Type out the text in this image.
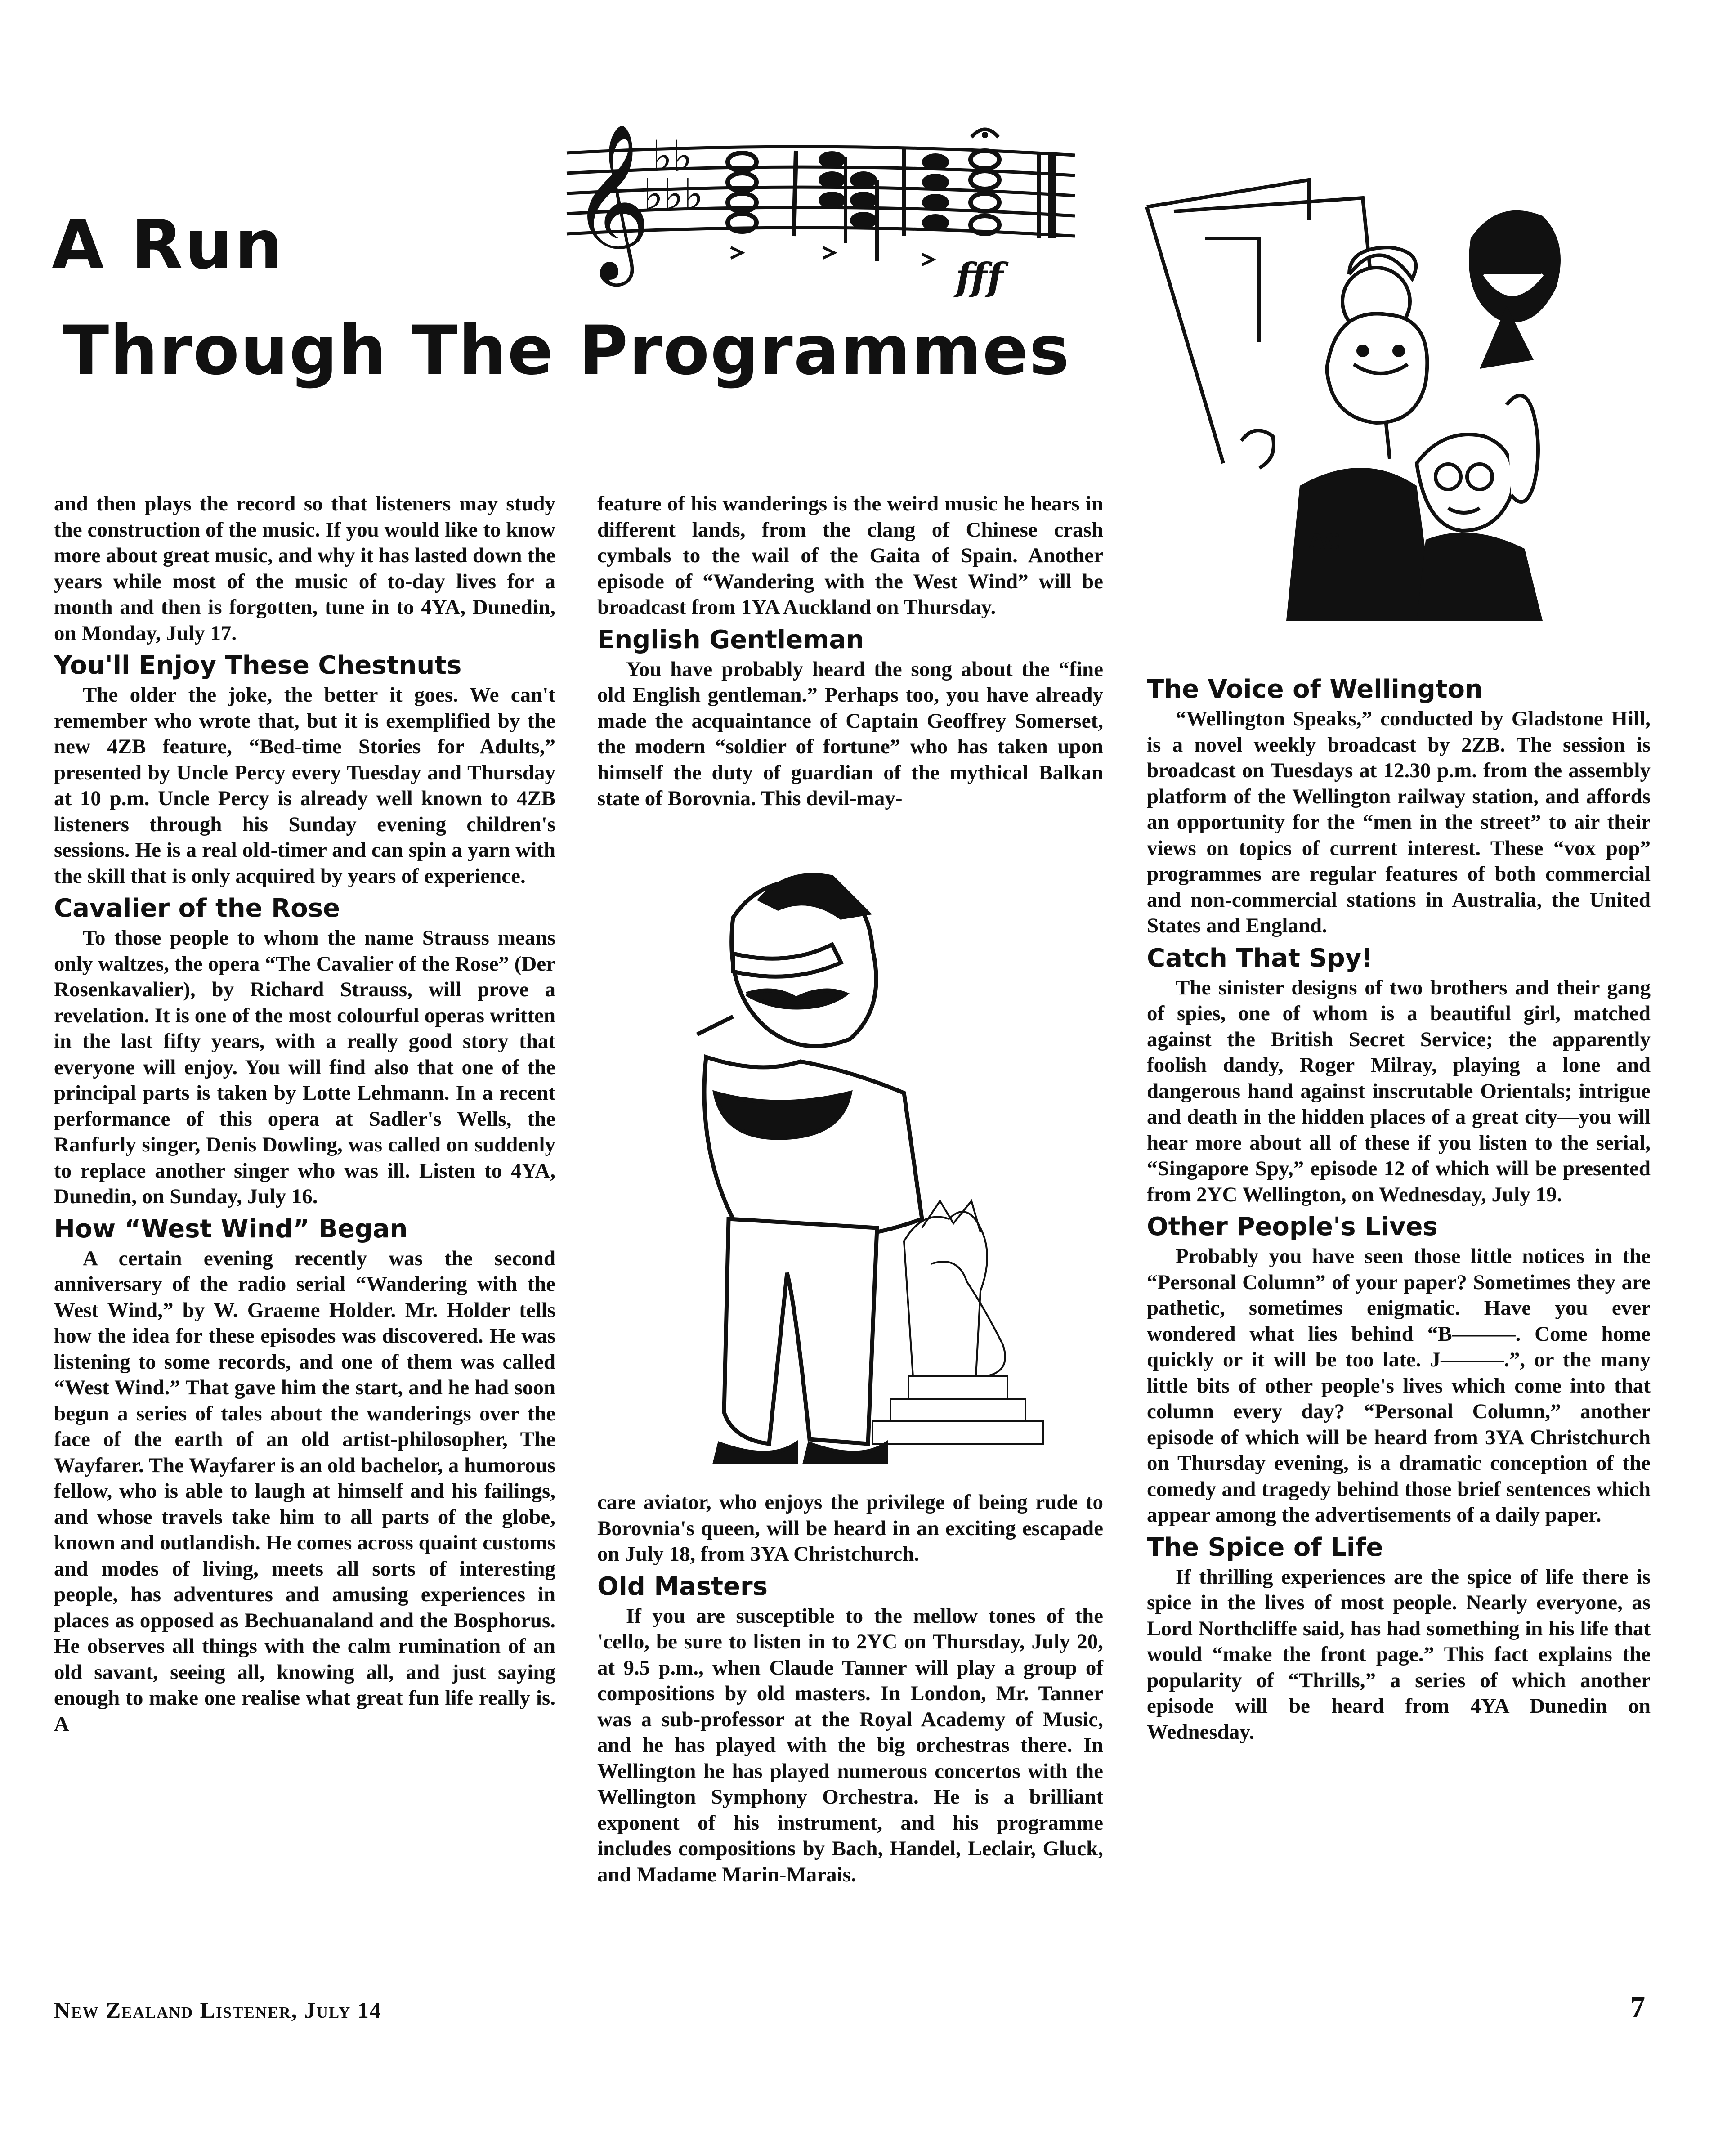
A Run
Through The Programmes
𝄞 ♭♭
♭♭♭
fff
AC

and then plays the record so that listeners may study the construction of the music. If you would like to know more about great music, and why it has lasted down the years while most of the music of to-day lives for a month and then is forgotten, tune in to 4YA, Dunedin, on Monday, July 17.

You'll Enjoy These Chestnuts

The older the joke, the better it goes. We can't remember who wrote that, but it is exemplified by the new 4ZB feature, “Bed-time Stories for Adults,” presented by Uncle Percy every Tuesday and Thursday at 10 p.m. Uncle Percy is already well known to 4ZB listeners through his Sunday evening children's sessions. He is a real old-timer and can spin a yarn with the skill that is only acquired by years of experience.

Cavalier of the Rose

To those people to whom the name Strauss means only waltzes, the opera “The Cavalier of the Rose” (Der Rosenkavalier), by Richard Strauss, will prove a revelation. It is one of the most colourful operas written in the last fifty years, with a really good story that everyone will enjoy. You will find also that one of the principal parts is taken by Lotte Lehmann. In a recent performance of this opera at Sadler's Wells, the Ranfurly singer, Denis Dowling, was called on suddenly to replace another singer who was ill. Listen to 4YA, Dunedin, on Sunday, July 16.

How “West Wind” Began

A certain evening recently was the second anniversary of the radio serial “Wandering with the West Wind,” by W. Graeme Holder. Mr. Holder tells how the idea for these episodes was discovered. He was listening to some records, and one of them was called “West Wind.” That gave him the start, and he had soon begun a series of tales about the wanderings over the face of the earth of an old artist-philosopher, The Wayfarer. The Wayfarer is an old bachelor, a humorous fellow, who is able to laugh at himself and his failings, and whose travels take him to all parts of the globe, known and outlandish. He comes across quaint customs and modes of living, meets all sorts of interesting people, has adventures and amusing experiences in places as opposed as Bechuanaland and the Bosphorus. He observes all things with the calm rumination of an old savant, seeing all, knowing all, and just saying enough to make one realise what great fun life really is. A

feature of his wanderings is the weird music he hears in different lands, from the clang of Chinese crash cymbals to the wail of the Gaita of Spain. Another episode of “Wandering with the West Wind” will be broadcast from 1YA Auckland on Thursday.

English Gentleman

You have probably heard the song about the “fine old English gentleman.” Perhaps too, you have already made the acquaintance of Captain Geoffrey Somerset, the modern “soldier of fortune” who has taken upon himself the duty of guardian of the mythical Balkan state of Borovnia. This devil-may-

care aviator, who enjoys the privilege of being rude to Borovnia's queen, will be heard in an exciting escapade on July 18, from 3YA Christchurch.

Old Masters

If you are susceptible to the mellow tones of the 'cello, be sure to listen in to 2YC on Thursday, July 20, at 9.5 p.m., when Claude Tanner will play a group of compositions by old masters. In London, Mr. Tanner was a sub-professor at the Royal Academy of Music, and he has played with the big orchestras there. In Wellington he has played numerous concertos with the Wellington Symphony Orchestra. He is a brilliant exponent of his instrument, and his programme includes compositions by Bach, Handel, Leclair, Gluck, and Madame Marin-Marais.

The Voice of Wellington

“Wellington Speaks,” conducted by Gladstone Hill, is a novel weekly broadcast by 2ZB. The session is broadcast on Tuesdays at 12.30 p.m. from the assembly platform of the Wellington railway station, and affords an opportunity for the “men in the street” to air their views on topics of current interest. These “vox pop” programmes are regular features of both commercial and non-commercial stations in Australia, the United States and England.

Catch That Spy!

The sinister designs of two brothers and their gang of spies, one of whom is a beautiful girl, matched against the British Secret Service; the apparently foolish dandy, Roger Milray, playing a lone and dangerous hand against inscrutable Orientals; intrigue and death in the hidden places of a great city—you will hear more about all of these if you listen to the serial, “Singapore Spy,” episode 12 of which will be presented from 2YC Wellington, on Wednesday, July 19.

Other People's Lives

Probably you have seen those little notices in the “Personal Column” of your paper? Sometimes they are pathetic, sometimes enigmatic. Have you ever wondered what lies behind “B———. Come home quickly or it will be too late. J———.”, or the many little bits of other people's lives which come into that column every day? “Personal Column,” another episode of which will be heard from 3YA Christchurch on Thursday evening, is a dramatic conception of the comedy and tragedy behind those brief sentences which appear among the advertisements of a daily paper.

The Spice of Life

If thrilling experiences are the spice of life there is spice in the lives of most people. Nearly everyone, as Lord Northcliffe said, has had something in his life that would “make the front page.” This fact explains the popularity of “Thrills,” a series of which another episode will be heard from 4YA Dunedin on Wednesday.

New Zealand Listener, July 14	7
